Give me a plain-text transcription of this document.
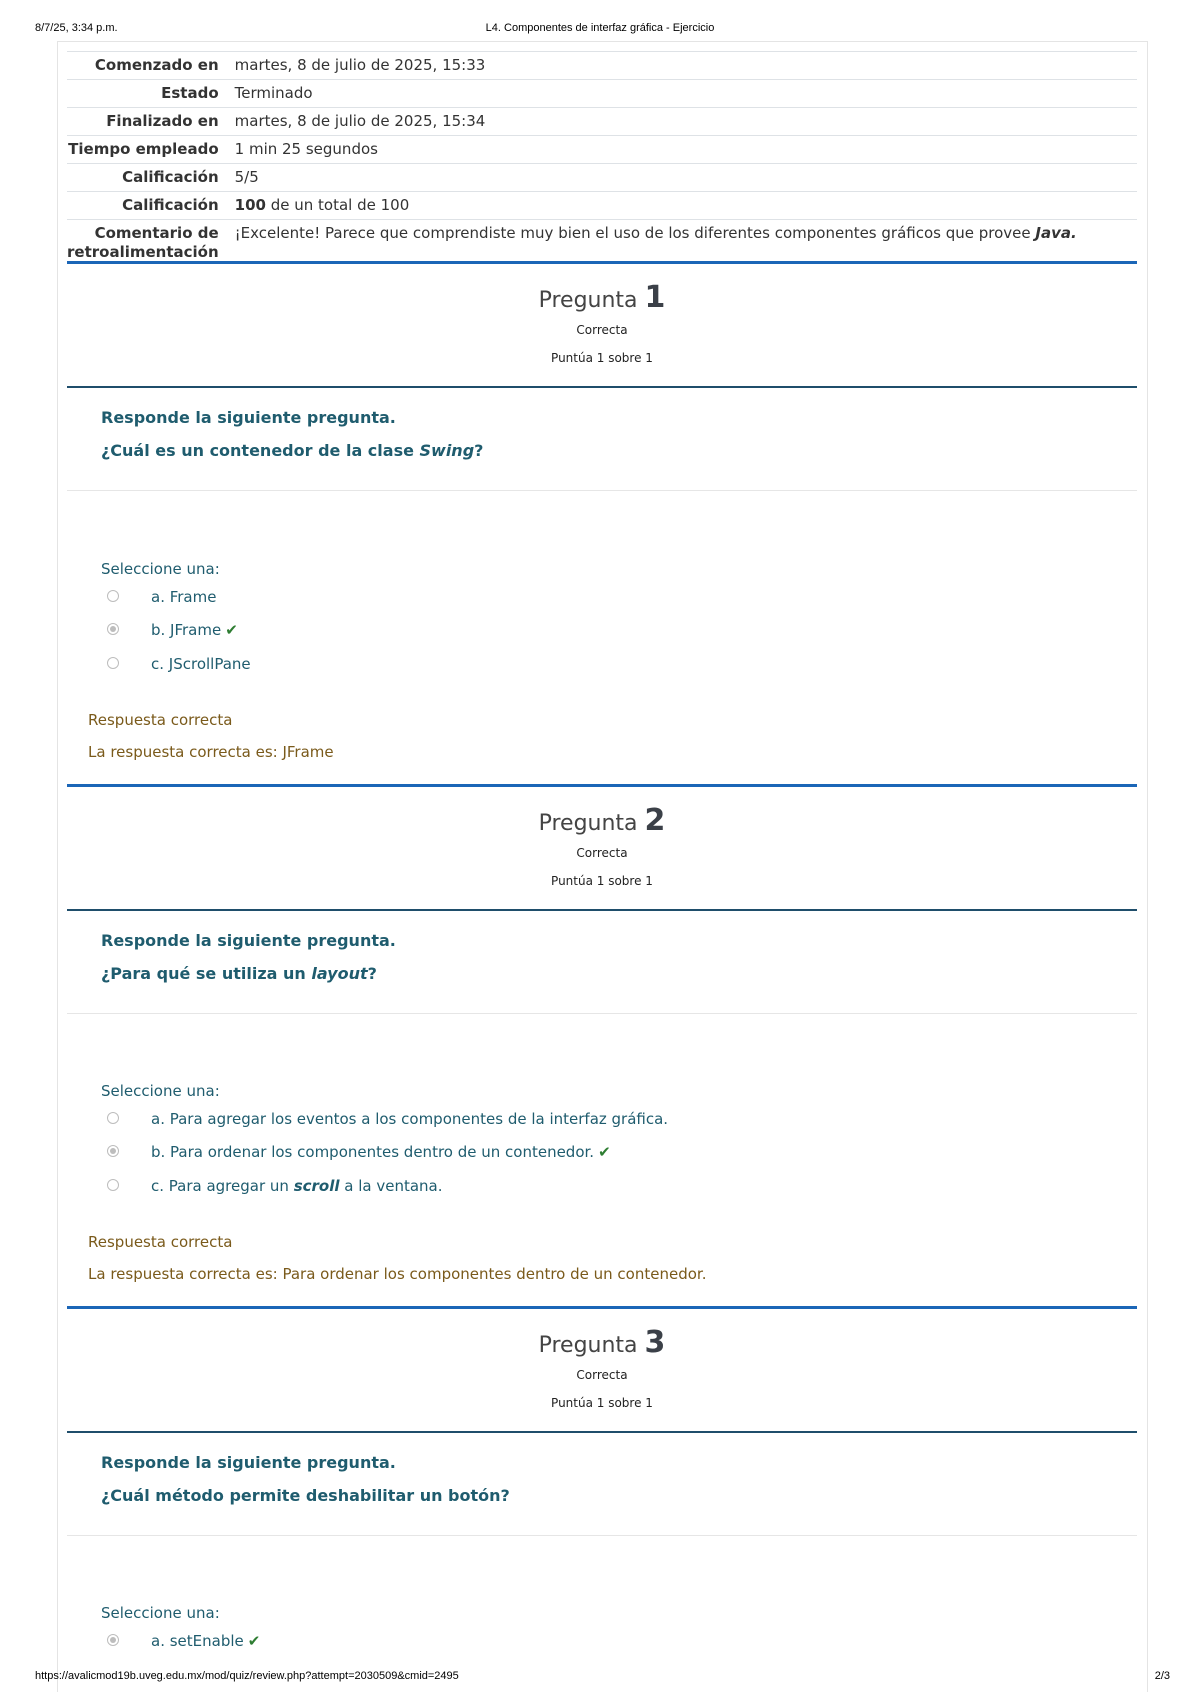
8/7/25, 3:34 p.m.	L4. Componentes de interfaz gráfica - Ejercicio
Comenzado en	martes, 8 de julio de 2025, 15:33
Estado	Terminado
Finalizado en	martes, 8 de julio de 2025, 15:34
Tiempo empleado	1 min 25 segundos
Calificación	5/5
Calificación	100 de un total de 100
Comentario de
retroalimentación	¡Excelente! Parece que comprendiste muy bien el uso de los diferentes componentes gráficos que provee Java.
Pregunta 1
Correcta
Puntúa 1 sobre 1
Responde la siguiente pregunta.
¿Cuál es un contenedor de la clase Swing?
Seleccione una:
a. Frame
b. JFrame ✔
c. JScrollPane
Respuesta correcta
La respuesta correcta es: JFrame
Pregunta 2
Correcta
Puntúa 1 sobre 1
Responde la siguiente pregunta.
¿Para qué se utiliza un layout?
Seleccione una:
a. Para agregar los eventos a los componentes de la interfaz gráfica.
b. Para ordenar los componentes dentro de un contenedor. ✔
c. Para agregar un scroll a la ventana.
Respuesta correcta
La respuesta correcta es: Para ordenar los componentes dentro de un contenedor.
Pregunta 3
Correcta
Puntúa 1 sobre 1
Responde la siguiente pregunta.
¿Cuál método permite deshabilitar un botón?
Seleccione una:
a. setEnable ✔
https://avalicmod19b.uveg.edu.mx/mod/quiz/review.php?attempt=2030509&cmid=2495	2/3
